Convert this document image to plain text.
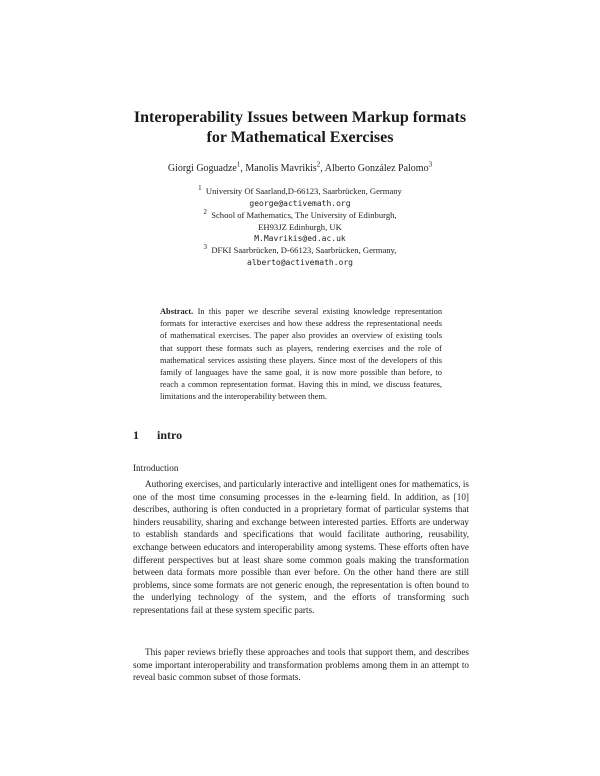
Interoperability Issues between Markup formats
for Mathematical Exercises
Giorgi Goguadze$^1$, Manolis Mavrikis$^2$, Alberto González Palomo$^3$
$^1$ University Of Saarland,D-66123, Saarbrücken, Germany
george@activemath.org
$^2$ School of Mathematics, The University of Edinburgh,
EH93JZ Edinburgh, UK
M.Mavrikis@ed.ac.uk
$^3$ DFKI Saarbrücken, D-66123, Saarbrücken, Germany,
alberto@activemath.org
Abstract. In this paper we describe several existing knowledge representation formats for interactive exercises and how these address the representational needs of mathematical exercises. The paper also provides an overview of existing tools that support these formats such as players, rendering exercises and the role of mathematical services assisting these players. Since most of the developers of this family of languages have the same goal, it is now more possible than before, to reach a common representation format. Having this in mind, we discuss features, limitations and the interoperability between them.
1 intro
Introduction
Authoring exercises, and particularly interactive and intelligent ones for mathematics, is one of the most time consuming processes in the e-learning field. In addition, as [10] describes, authoring is often conducted in a proprietary format of particular systems that hinders reusability, sharing and exchange between interested parties. Efforts are underway to establish standards and specifications that would facilitate authoring, reusability, exchange between educators and interoperability among systems. These efforts often have different perspectives but at least share some common goals making the transformation between data formats more possible than ever before. On the other hand there are still problems, since some formats are not generic enough, the representation is often bound to the underlying technology of the system, and the efforts of transforming such representations fail at these system specific parts.
This paper reviews briefly these approaches and tools that support them, and describes some important interoperability and transformation problems among them in an attempt to reveal basic common subset of those formats.
